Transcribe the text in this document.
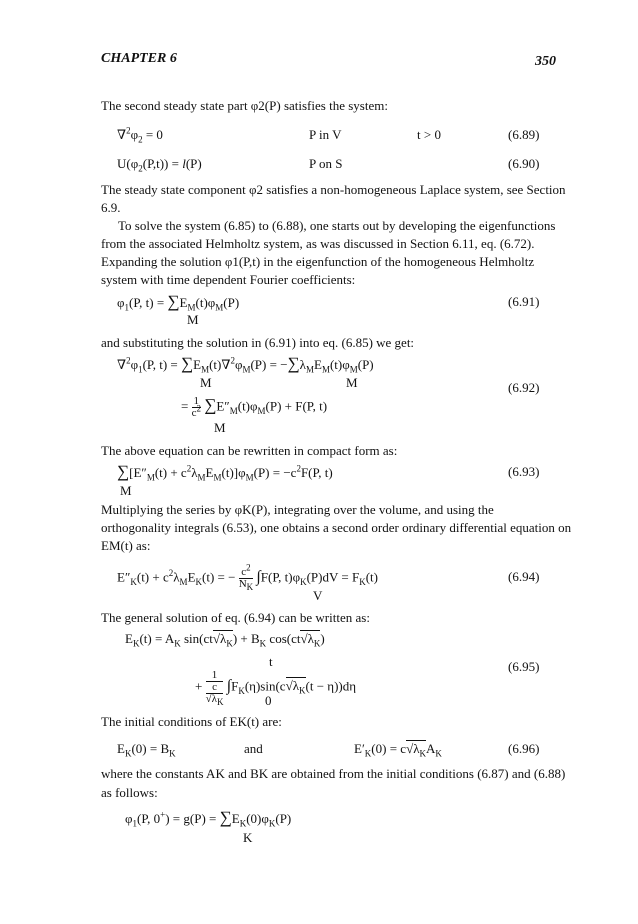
CHAPTER 6	350
The second steady state part φ2(P) satisfies the system:
$\nabla^2\varphi_2 = 0$	P in V	t > 0	(6.89)
$U(\varphi_2(P,t)) = l(P)$	P on S	(6.90)
The steady state component φ2 satisfies a non-homogeneous Laplace system, see Section
6.9.
To solve the system (6.85) to (6.88), one starts out by developing the eigenfunctions
from the associated Helmholtz system, as was discussed in Section 6.11, eq. (6.72).
Expanding the solution φ1(P,t) in the eigenfunction of the homogeneous Helmholtz
system with time dependent Fourier coefficients:
$\varphi_1(P$, $t) = \sum E_M(t)\varphi_M(P)$
M
(6.91)
and substituting the solution in (6.91) into eq. (6.85) we get:
$\nabla^2\varphi_1(P$, $t) = \sum E_M(t)\nabla^2\varphi_M(P) = -\sum\lambda_ME_M(t)\varphi_M(P)$
M	M
= $\frac{1}{c^2} \sum E''_M(t)\varphi_M(P) + F(P$, t)
M
(6.92)
The above equation can be rewritten in compact form as:
$\sum[E''_M(t) + c^2\lambda_ME_M(t)]\varphi_M(P) = -c^2F(P$, t)
M
(6.93)
Multiplying the series by φK(P), integrating over the volume, and using the
orthogonality integrals (6.53), one obtains a second order ordinary differential equation on
EM(t) as:
$E''_K(t) + c^2\lambda_ME_K(t)$ = − $\frac{c^2}{N_K} \int F(P$, $t)\varphi_K(P)dV = F_K(t)$
V
(6.94)
The general solution of eq. (6.94) can be written as:
$E_K(t) = A_K$ $\sin(ct√\lambda_K) + B_K$ $\cos(ct√\lambda_K)$
t
+ 1
c
$√\lambda_K$ $\int F_K(\eta)\sin(c√\lambda_K(t - \eta))d\eta$
0
(6.95)
The initial conditions of EK(t) are:
$E_K(0) = B_K$	and	$E'_K(0) = c√\lambda_KA_K$	(6.96)
where the constants AK and BK are obtained from the initial conditions (6.87) and (6.88)
as follows:
$\varphi_1(P$, $0^+) = g(P) = \sum E_K(0)\varphi_K(P)$
K
